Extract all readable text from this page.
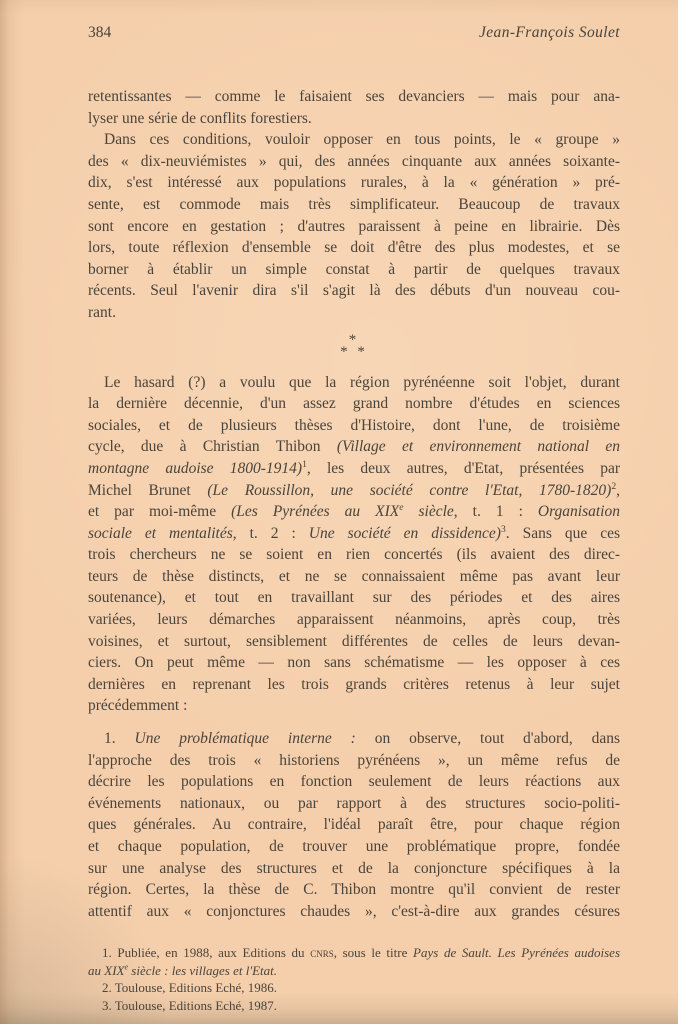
384	Jean-François Soulet
retentissantes — comme le faisaient ses devanciers — mais pour ana-
lyser une série de conflits forestiers.
Dans ces conditions, vouloir opposer en tous points, le « groupe »
des « dix-neuviémistes » qui, des années cinquante aux années soixante-
dix, s'est intéressé aux populations rurales, à la « génération » pré-
sente, est commode mais très simplificateur. Beaucoup de travaux
sont encore en gestation ; d'autres paraissent à peine en librairie. Dès
lors, toute réflexion d'ensemble se doit d'être des plus modestes, et se
borner à établir un simple constat à partir de quelques travaux
récents. Seul l'avenir dira s'il s'agit là des débuts d'un nouveau cou-
rant.
*
* *
Le hasard (?) a voulu que la région pyrénéenne soit l'objet, durant
la dernière décennie, d'un assez grand nombre d'études en sciences
sociales, et de plusieurs thèses d'Histoire, dont l'une, de troisième
cycle, due à Christian Thibon (Village et environnement national en
montagne audoise 1800-1914)$^1$, les deux autres, d'Etat, présentées par
Michel Brunet (Le Roussillon, une société contre l'Etat, 1780-1820)$^2$,
et par moi-même (Les Pyrénées au XIXe siècle, t. 1 : Organisation
sociale et mentalités, t. 2 : Une société en dissidence)$^3$. Sans que ces
trois chercheurs ne se soient en rien concertés (ils avaient des direc-
teurs de thèse distincts, et ne se connaissaient même pas avant leur
soutenance), et tout en travaillant sur des périodes et des aires
variées, leurs démarches apparaissent néanmoins, après coup, très
voisines, et surtout, sensiblement différentes de celles de leurs devan-
ciers. On peut même — non sans schématisme — les opposer à ces
dernières en reprenant les trois grands critères retenus à leur sujet
précédemment :
1. Une problématique interne : on observe, tout d'abord, dans
l'approche des trois « historiens pyrénéens », un même refus de
décrire les populations en fonction seulement de leurs réactions aux
événements nationaux, ou par rapport à des structures socio-politi-
ques générales. Au contraire, l'idéal paraît être, pour chaque région
et chaque population, de trouver une problématique propre, fondée
sur une analyse des structures et de la conjoncture spécifiques à la
région. Certes, la thèse de C. Thibon montre qu'il convient de rester
attentif aux « conjonctures chaudes », c'est-à-dire aux grandes césures
1. Publiée, en 1988, aux Editions du cnrs, sous le titre Pays de Sault. Les Pyrénées audoises
au XIXe siècle : les villages et l'Etat.
2. Toulouse, Editions Eché, 1986.
3. Toulouse, Editions Eché, 1987.
